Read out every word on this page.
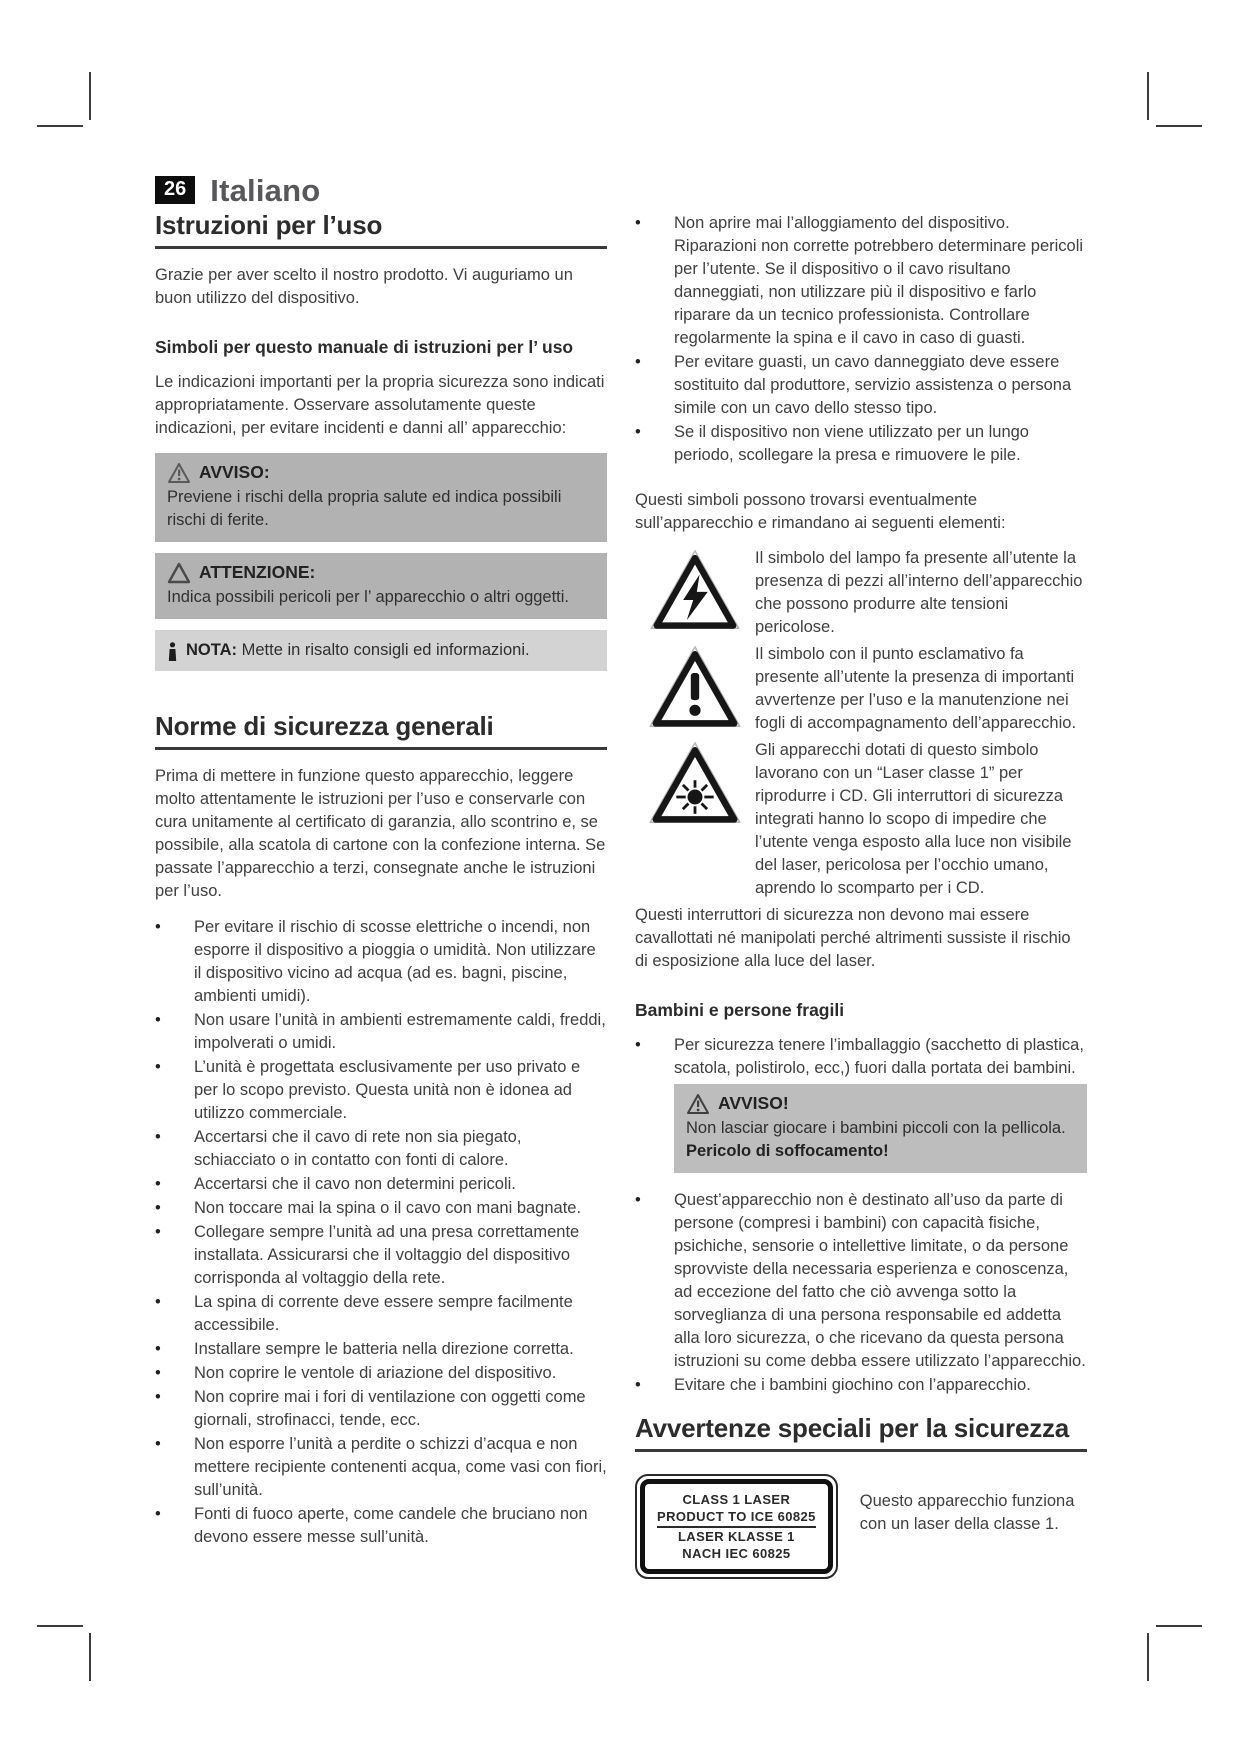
26 Italiano
Istruzioni per l’uso

Grazie per aver scelto il nostro prodotto. Vi auguriamo un buon utilizzo del dispositivo.

Simboli per questo manuale di istruzioni per l’ uso

Le indicazioni importanti per la propria sicurezza sono indicati appropriatamente. Osservare assolutamente queste indicazioni, per evitare incidenti e danni all’ apparecchio:

AVVISO:
Previene i rischi della propria salute ed indica possibili rischi di ferite.
ATTENZIONE:
Indica possibili pericoli per l’ apparecchio o altri oggetti.
NOTA: Mette in risalto consigli ed informazioni.
Norme di sicurezza generali

Prima di mettere in funzione questo apparecchio, leggere molto attentamente le istruzioni per l’uso e conservarle con cura unitamente al certificato di garanzia, allo scontrino e, se possibile, alla scatola di cartone con la confezione interna. Se passate l’apparecchio a terzi, consegnate anche le istruzioni per l’uso.

•	Per evitare il rischio di scosse elettriche o incendi, non esporre il dispositivo a pioggia o umidità. Non utilizzare il dispositivo vicino ad acqua (ad es. bagni, piscine, ambienti umidi).
•	Non usare l’unità in ambienti estremamente caldi, freddi, impolverati o umidi.
•	L’unità è progettata esclusivamente per uso privato e per lo scopo previsto. Questa unità non è idonea ad utilizzo commerciale.
•	Accertarsi che il cavo di rete non sia piegato, schiacciato o in contatto con fonti di calore.
•	Accertarsi che il cavo non determini pericoli.
•	Non toccare mai la spina o il cavo con mani bagnate.
•	Collegare sempre l’unità ad una presa correttamente installata. Assicurarsi che il voltaggio del dispositivo corrisponda al voltaggio della rete.
•	La spina di corrente deve essere sempre facilmente accessibile.
•	Installare sempre le batteria nella direzione corretta.
•	Non coprire le ventole di ariazione del dispositivo.
•	Non coprire mai i fori di ventilazione con oggetti come giornali, strofinacci, tende, ecc.
•	Non esporre l’unità a perdite o schizzi d’acqua e non mettere recipiente contenenti acqua, come vasi con fiori, sull’unità.
•	Fonti di fuoco aperte, come candele che bruciano non devono essere messe sull’unità.
•	Non aprire mai l’alloggiamento del dispositivo. Riparazioni non corrette potrebbero determinare pericoli per l’utente. Se il dispositivo o il cavo risultano danneggiati, non utilizzare più il dispositivo e farlo riparare da un tecnico professionista. Controllare regolarmente la spina e il cavo in caso di guasti.
•	Per evitare guasti, un cavo danneggiato deve essere sostituito dal produttore, servizio assistenza o persona simile con un cavo dello stesso tipo.
•	Se il dispositivo non viene utilizzato per un lungo periodo, scollegare la presa e rimuovere le pile.

Questi simboli possono trovarsi eventualmente sull’apparecchio e rimandano ai seguenti elementi:

Il simbolo del lampo fa presente all’utente la presenza di pezzi all’interno dell’apparecchio che possono produrre alte tensioni pericolose.
Il simbolo con il punto esclamativo fa presente all’utente la presenza di importanti avvertenze per l’uso e la manutenzione nei fogli di accompagnamento dell’apparecchio.
Gli apparecchi dotati di questo simbolo lavorano con un “Laser classe 1” per riprodurre i CD. Gli interruttori di sicurezza integrati hanno lo scopo di impedire che l’utente venga esposto alla luce non visibile del laser, pericolosa per l’occhio umano, aprendo lo scomparto per i CD.

Questi interruttori di sicurezza non devono mai essere cavallottati né manipolati perché altrimenti sussiste il rischio di esposizione alla luce del laser.

Bambini e persone fragili
•	Per sicurezza tenere l’imballaggio (sacchetto di plastica, scatola, polistirolo, ecc,) fuori dalla portata dei bambini.
AVVISO!
Non lasciar giocare i bambini piccoli con la pellicola.
Pericolo di soffocamento!
•	Quest’apparecchio non è destinato all’uso da parte di persone (compresi i bambini) con capacità fisiche, psichiche, sensorie o intellettive limitate, o da persone sprovviste della necessaria esperienza e conoscenza, ad eccezione del fatto che ciò avvenga sotto la sorveglianza di una persona responsabile ed addetta alla loro sicurezza, o che ricevano da questa persona istruzioni su come debba essere utilizzato l’apparecchio.
•	Evitare che i bambini giochino con l’apparecchio.
Avvertenze speciali per la sicurezza
CLASS 1 LASER
PRODUCT TO ICE 60825
LASER KLASSE 1
NACH IEC 60825
Questo apparecchio funziona con un laser della classe 1.
